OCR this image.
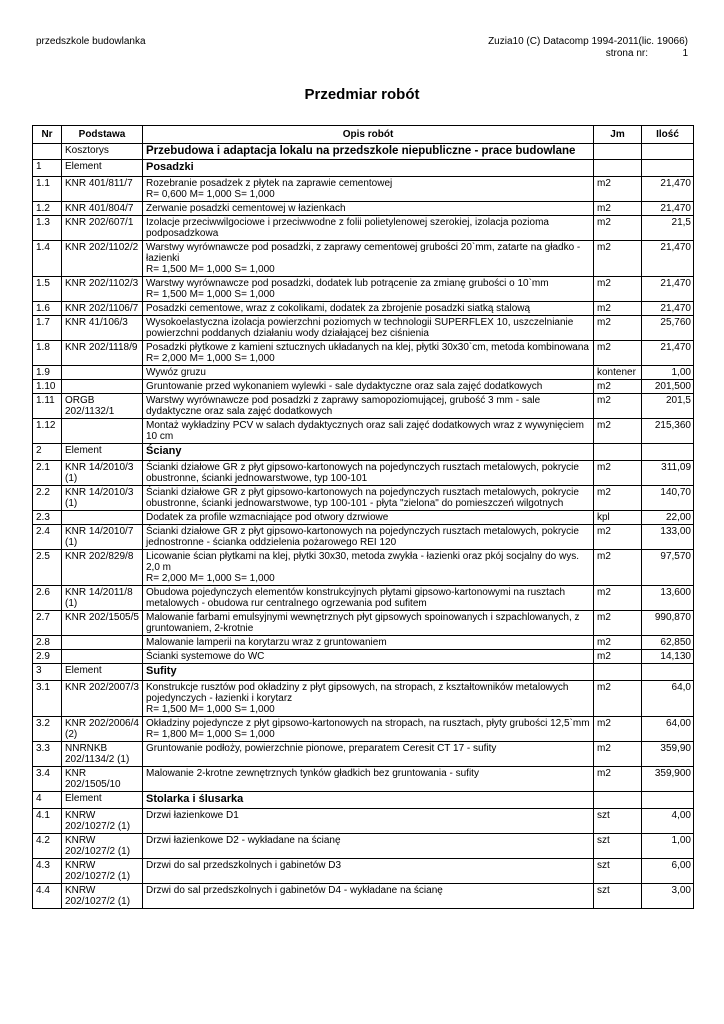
przedszkole budowlanka	Zuzia10 (C) Datacomp 1994-2011(lic. 19066)
strona nr:	1
Przedmiar robót
Nr	Podstawa	Opis robót	Jm	Ilość
	Kosztorys	Przebudowa i adaptacja lokalu na przedszkole niepubliczne - prace budowlane		
1	Element	Posadzki		
1.1	KNR 401/811/7	Rozebranie posadzek z płytek na zaprawie cementowej
R= 0,600 M= 1,000 S= 1,000	m2	21,470
1.2	KNR 401/804/7	Zerwanie posadzki cementowej w łazienkach	m2	21,470
1.3	KNR 202/607/1	Izolacje przeciwwilgociowe i przeciwwodne z folii polietylenowej szerokiej, izolacja pozioma podposadzkowa	m2	21,5
1.4	KNR 202/1102/2	Warstwy wyrównawcze pod posadzki, z zaprawy cementowej grubości 20`mm, zatarte na gładko - łazienki
R= 1,500 M= 1,000 S= 1,000	m2	21,470
1.5	KNR 202/1102/3	Warstwy wyrównawcze pod posadzki, dodatek lub potrącenie za zmianę grubości o 10`mm
R= 1,500 M= 1,000 S= 1,000	m2	21,470
1.6	KNR 202/1106/7	Posadzki cementowe, wraz z cokolikami, dodatek za zbrojenie posadzki siatką stalową	m2	21,470
1.7	KNR 41/106/3	Wysokoelastyczna izolacja powierzchni poziomych w technologii SUPERFLEX 10, uszczelnianie powierzchni poddanych działaniu wody działającej bez ciśnienia	m2	25,760
1.8	KNR 202/1118/9	Posadzki płytkowe z kamieni sztucznych układanych na klej, płytki 30x30`cm, metoda kombinowana
R= 2,000 M= 1,000 S= 1,000	m2	21,470
1.9		Wywóz gruzu	kontener	1,00
1.10		Gruntowanie przed wykonaniem wylewki - sale dydaktyczne oraz sala zajęć dodatkowych	m2	201,500
1.11	ORGB 202/1132/1	Warstwy wyrównawcze pod posadzki z zaprawy samopoziomującej, grubość 3 mm - sale dydaktyczne oraz sala zajęć dodatkowych	m2	201,5
1.12		Montaż wykładziny PCV w salach dydaktycznych oraz sali zajęć dodatkowych wraz z wywynięciem 10 cm	m2	215,360
2	Element	Ściany		
2.1	KNR 14/2010/3 (1)	Ścianki działowe GR z płyt gipsowo-kartonowych na pojedynczych rusztach metalowych, pokrycie obustronne, ścianki jednowarstwowe, typ 100-101	m2	311,09
2.2	KNR 14/2010/3 (1)	Ścianki działowe GR z płyt gipsowo-kartonowych na pojedynczych rusztach metalowych, pokrycie obustronne, ścianki jednowarstwowe, typ 100-101 - płyta "zielona" do pomieszczeń wilgotnych	m2	140,70
2.3		Dodatek za profile wzmacniające pod otwory dzrwiowe	kpl	22,00
2.4	KNR 14/2010/7 (1)	Ścianki działowe GR z płyt gipsowo-kartonowych na pojedynczych rusztach metalowych, pokrycie jednostronne - ścianka oddzielenia pożarowego REI 120	m2	133,00
2.5	KNR 202/829/8	Licowanie ścian płytkami na klej, płytki 30x30, metoda zwykła - łazienki oraz pkój socjalny do wys. 2,0 m
R= 2,000 M= 1,000 S= 1,000	m2	97,570
2.6	KNR 14/2011/8 (1)	Obudowa pojedynczych elementów konstrukcyjnych płytami gipsowo-kartonowymi na rusztach metalowych - obudowa rur centralnego ogrzewania pod sufitem	m2	13,600
2.7	KNR 202/1505/5	Malowanie farbami emulsyjnymi wewnętrznych płyt gipsowych spoinowanych i szpachlowanych, z gruntowaniem, 2-krotnie	m2	990,870
2.8		Malowanie lamperii na korytarzu wraz z gruntowaniem	m2	62,850
2.9		Ścianki systemowe do WC	m2	14,130
3	Element	Sufity		
3.1	KNR 202/2007/3	Konstrukcje rusztów pod okładziny z płyt gipsowych, na stropach, z kształtowników metalowych pojedynczych - łazienki i korytarz
R= 1,500 M= 1,000 S= 1,000	m2	64,0
3.2	KNR 202/2006/4 (2)	Okładziny pojedyncze z płyt gipsowo-kartonowych na stropach, na rusztach, płyty grubości 12,5`mm
R= 1,800 M= 1,000 S= 1,000	m2	64,00
3.3	NNRNKB 202/1134/2 (1)	Gruntowanie podłoży, powierzchnie pionowe, preparatem Ceresit CT 17 - sufity	m2	359,90
3.4	KNR 202/1505/10	Malowanie 2-krotne zewnętrznych tynków gładkich bez gruntowania - sufity	m2	359,900
4	Element	Stolarka i ślusarka		
4.1	KNRW 202/1027/2 (1)	Drzwi łazienkowe D1	szt	4,00
4.2	KNRW 202/1027/2 (1)	Drzwi łazienkowe D2 - wykładane na ścianę	szt	1,00
4.3	KNRW 202/1027/2 (1)	Drzwi do sal przedszkolnych i gabinetów D3	szt	6,00
4.4	KNRW 202/1027/2 (1)	Drzwi do sal przedszkolnych i gabinetów D4 - wykładane na ścianę	szt	3,00
